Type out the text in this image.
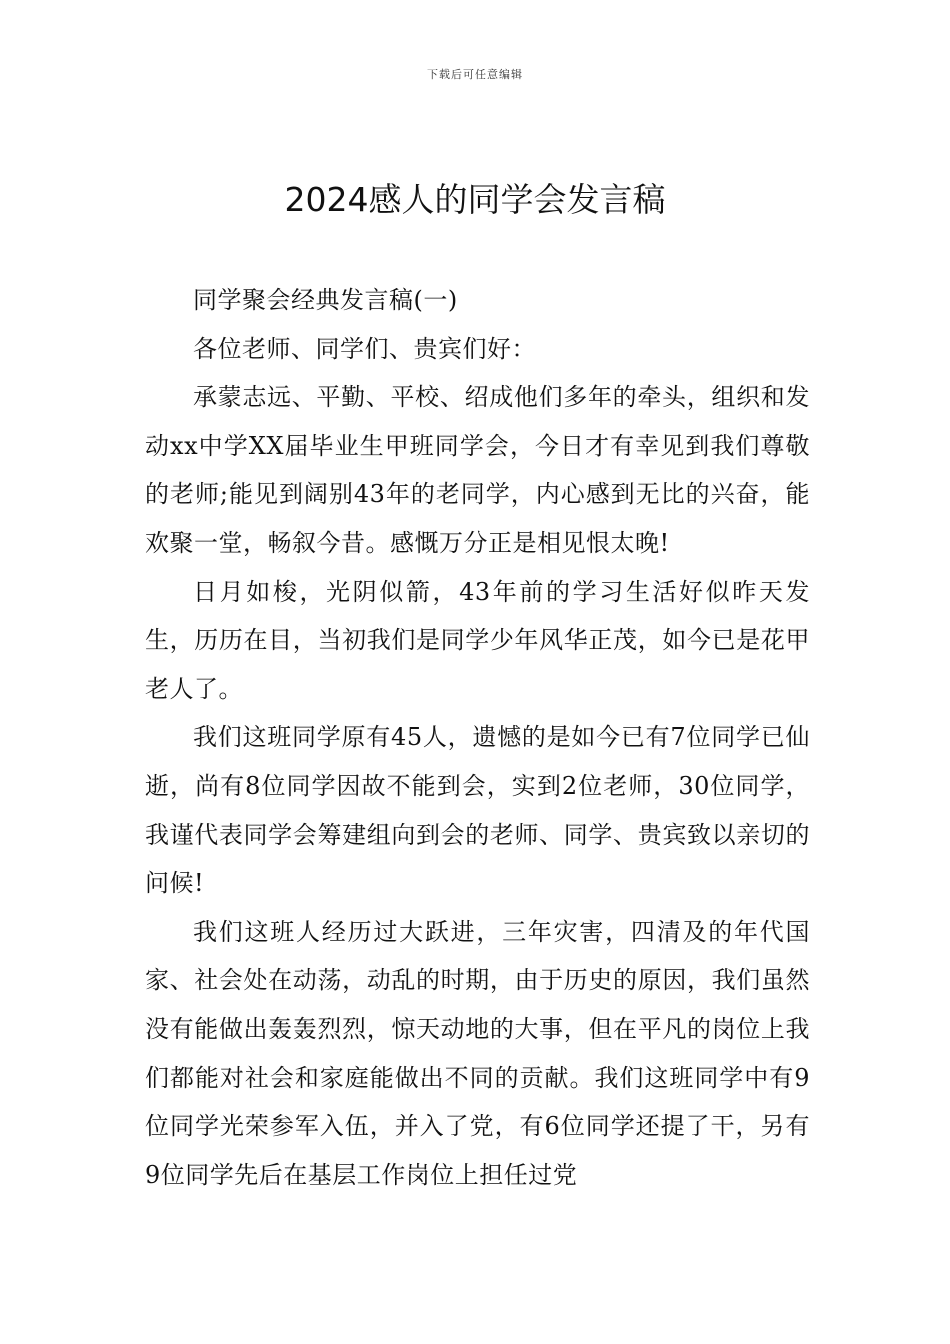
下载后可任意编辑
2024感人的同学会发言稿

同学聚会经典发言稿(一)

各位老师、同学们、贵宾们好：

承蒙志远、平勤、平校、绍成他们多年的牵头，组织和发动xx中学XX届毕业生甲班同学会，今日才有幸见到我们尊敬的老师;能见到阔别43年的老同学，内心感到无比的兴奋，能欢聚一堂，畅叙今昔。感慨万分正是相见恨太晚!

日月如梭，光阴似箭，43年前的学习生活好似昨天发生，历历在目，当初我们是同学少年风华正茂，如今已是花甲老人了。

我们这班同学原有45人，遗憾的是如今已有7位同学已仙逝，尚有8位同学因故不能到会，实到2位老师，30位同学，我谨代表同学会筹建组向到会的老师、同学、贵宾致以亲切的问候!

我们这班人经历过大跃进，三年灾害，四清及的年代国家、社会处在动荡，动乱的时期，由于历史的原因，我们虽然没有能做出轰轰烈烈，惊天动地的大事，但在平凡的岗位上我们都能对社会和家庭能做出不同的贡献。我们这班同学中有9位同学光荣参军入伍，并入了党，有6位同学还提了干，另有9位同学先后在基层工作岗位上担任过党
